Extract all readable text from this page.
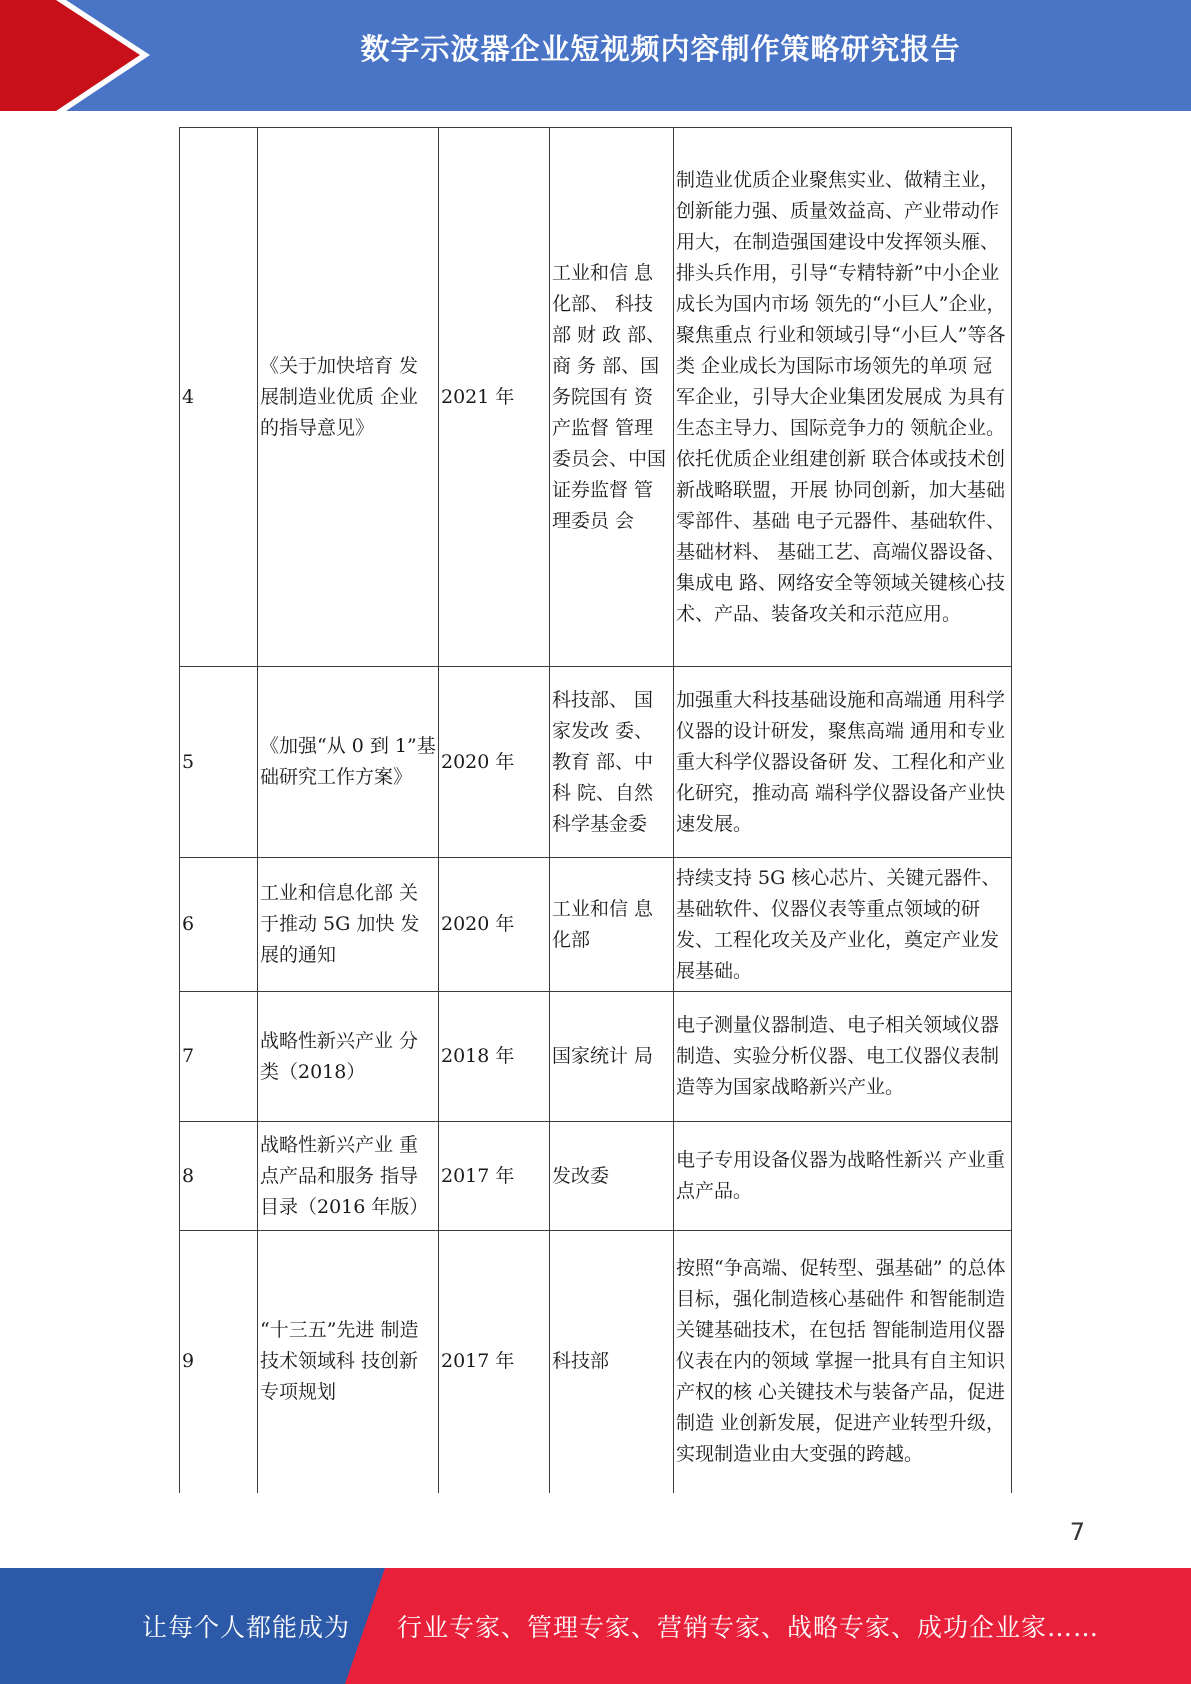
数字示波器企业短视频内容制作策略研究报告
4	《关于加快培育 发展制造业优质 企业的指导意见》	2021 年	工业和信 息化部、 科技部 财 政 部、商 务 部、国 务院国有 资产监督 管理委员会、中国 证券监督 管理委员 会	制造业优质企业聚焦实业、做精主业，创新能力强、质量效益高、产业带动作用大，在制造强国建设中发挥领头雁、排头兵作用，引导“专精特新”中小企业成长为国内市场 领先的“小巨人”企业，聚焦重点 行业和领域引导“小巨人”等各类 企业成长为国际市场领先的单项 冠军企业，引导大企业集团发展成 为具有生态主导力、国际竞争力的 领航企业。依托优质企业组建创新 联合体或技术创新战略联盟，开展 协同创新，加大基础零部件、基础 电子元器件、基础软件、基础材料、 基础工艺、高端仪器设备、集成电 路、网络安全等领域关键核心技 术、产品、装备攻关和示范应用。
5	《加强“从 0 到 1”基础研究工作方案》	2020 年	科技部、 国家发改 委、教育 部、中科 院、自然科学基金委	加强重大科技基础设施和高端通 用科学仪器的设计研发，聚焦高端 通用和专业重大科学仪器设备研 发、工程化和产业化研究，推动高 端科学仪器设备产业快速发展。
6	工业和信息化部 关于推动 5G 加快 发展的通知	2020 年	工业和信 息化部	持续支持 5G 核心芯片、关键元器件、基础软件、仪器仪表等重点领域的研发、工程化攻关及产业化，奠定产业发展基础。
7	战略性新兴产业 分类（2018）	2018 年	国家统计 局	电子测量仪器制造、电子相关领域仪器制造、实验分析仪器、电工仪器仪表制造等为国家战略新兴产业。
8	战略性新兴产业 重点产品和服务 指导目录（2016 年版）	2017 年	发改委	电子专用设备仪器为战略性新兴 产业重点产品。
9	“十三五”先进 制造技术领域科 技创新专项规划	2017 年	科技部	按照“争高端、促转型、强基础” 的总体目标，强化制造核心基础件 和智能制造关键基础技术，在包括 智能制造用仪器仪表在内的领域 掌握一批具有自主知识产权的核 心关键技术与装备产品，促进制造 业创新发展，促进产业转型升级， 实现制造业由大变强的跨越。
7
让每个人都能成为 行业专家、管理专家、营销专家、战略专家、成功企业家……
